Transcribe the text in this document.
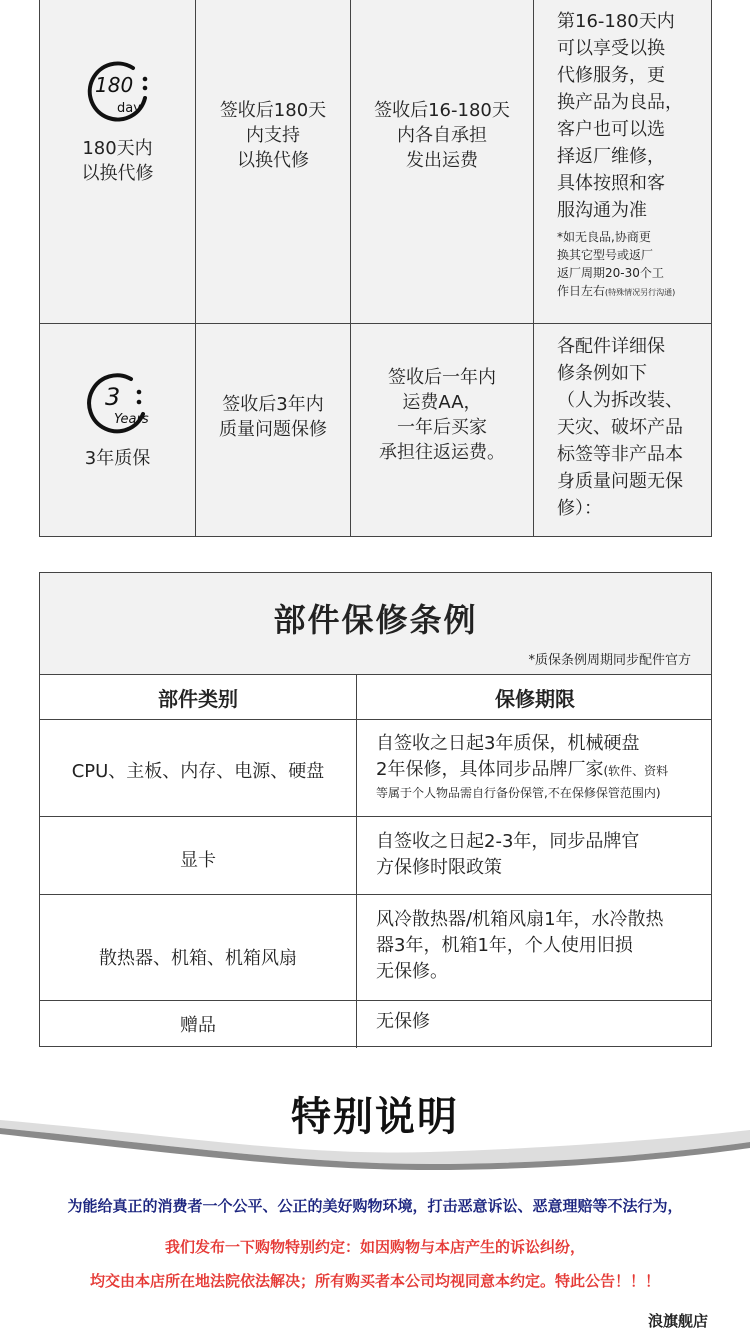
180
day
180天内
以换代修
签收后180天
内支持
以换代修
签收后16-180天
内各自承担
发出运费
第16-180天内
可以享受以换
代修服务，更
换产品为良品，
客户也可以选
择返厂维修，
具体按照和客
服沟通为准
*如无良品,协商更
换其它型号或返厂
返厂周期20-30个工
作日左右(特殊情况另行沟通)
3
Years
3年质保
签收后3年内
质量问题保修
签收后一年内
运费AA，
一年后买家
承担往返运费。
各配件详细保
修条例如下
（人为拆改装、
天灾、破坏产品
标签等非产品本
身质量问题无保
修）：
部件保修条例
*质保条例周期同步配件官方
部件类别	保修期限
CPU、主板、内存、电源、硬盘
自签收之日起3年质保，机械硬盘
2年保修，具体同步品牌厂家(软件、资料
等属于个人物品需自行备份保管,不在保修保管范围内)
显卡
自签收之日起2-3年，同步品牌官
方保修时限政策
散热器、机箱、机箱风扇
风冷散热器/机箱风扇1年，水冷散热
器3年，机箱1年，个人使用旧损
无保修。
赠品	无保修
特别说明
为能给真正的消费者一个公平、公正的美好购物环境，打击恶意诉讼、恶意理赔等不法行为，
我们发布一下购物特别约定：如因购物与本店产生的诉讼纠纷，
均交由本店所在地法院依法解决；所有购买者本公司均视同意本约定。特此公告！！！
浪旗舰店
